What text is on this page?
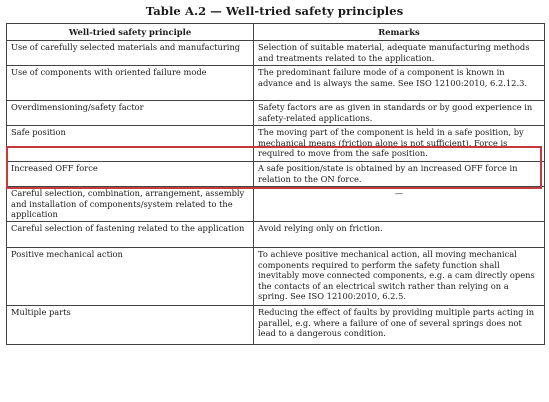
Table A.2 — Well-tried safety principles
Well-tried safety principle	Remarks
Use of carefully selected materials and manufacturing	Selection of suitable material, adequate manufacturing methods and treatments related to the application.
Use of components with oriented failure mode	The predominant failure mode of a component is known in advance and is always the same. See ISO 12100:2010, 6.2.12.3.
Overdimensioning/safety factor	Safety factors are as given in standards or by good experience in safety-related applications.
Safe position	The moving part of the component is held in a safe position, by mechanical means (friction alone is not sufficient). Force is required to move from the safe position.
Increased OFF force	A safe position/state is obtained by an increased OFF force in relation to the ON force.
Careful selection, combination, arrangement, assembly and installation of components/system related to the application	—
Careful selection of fastening related to the application	Avoid relying only on friction.
Positive mechanical action	To achieve positive mechanical action, all moving mechanical components required to perform the safety function shall inevitably move connected components, e.g. a cam directly opens the contacts of an electrical switch rather than relying on a spring. See ISO 12100:2010, 6.2.5.
Multiple parts	Reducing the effect of faults by providing multiple parts acting in parallel, e.g. where a failure of one of several springs does not lead to a dangerous condition.
